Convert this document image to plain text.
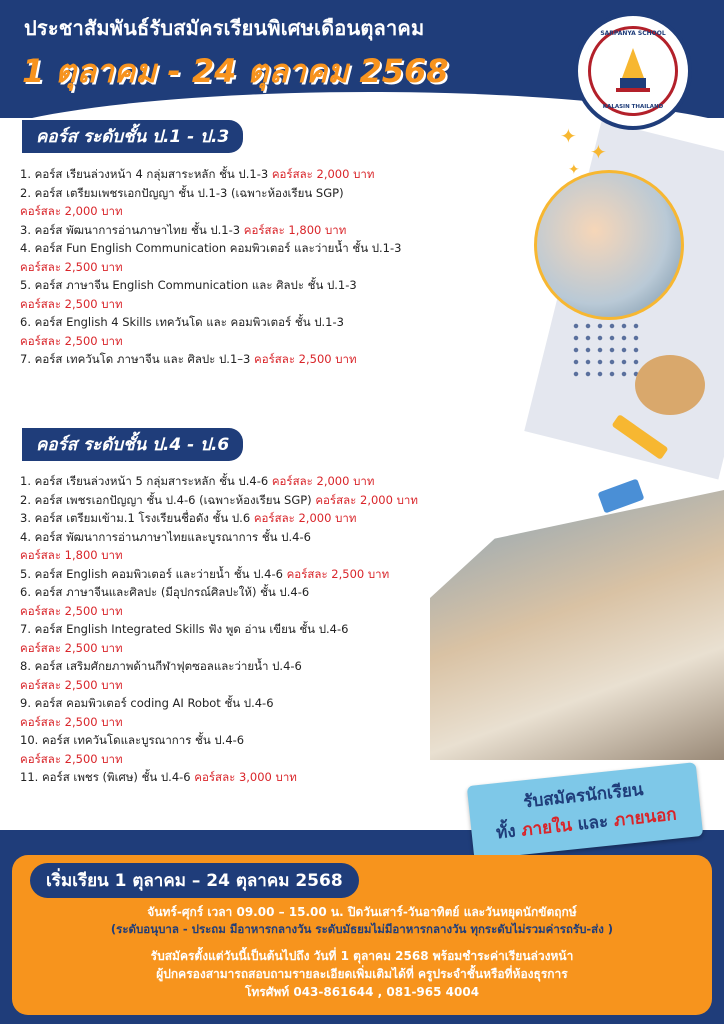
ประชาสัมพันธ์รับสมัครเรียนพิเศษเดือนตุลาคม
1 ตุลาคม - 24 ตุลาคม 2568
SARPANYA SCHOOL
KALASIN THAILAND
✦
✦
✦
คอร์ส ระดับชั้น ป.1 - ป.3

1. คอร์ส เรียนล่วงหน้า 4 กลุ่มสาระหลัก ชั้น ป.1-3 คอร์สละ 2,000 บาท

2. คอร์ส เตรียมเพชรเอกปัญญา ชั้น ป.1-3 (เฉพาะห้องเรียน SGP)
คอร์สละ 2,000 บาท

3. คอร์ส พัฒนาการอ่านภาษาไทย ชั้น ป.1-3 คอร์สละ 1,800 บาท

4. คอร์ส Fun English Communication คอมพิวเตอร์ และว่ายน้ำ ชั้น ป.1-3
คอร์สละ 2,500 บาท

5. คอร์ส ภาษาจีน English Communication และ ศิลปะ ชั้น ป.1-3
คอร์สละ 2,500 บาท

6. คอร์ส English 4 Skills เทควันโด และ คอมพิวเตอร์ ชั้น ป.1-3
คอร์สละ 2,500 บาท

7. คอร์ส เทควันโด ภาษาจีน และ ศิลปะ ป.1–3 คอร์สละ 2,500 บาท

คอร์ส ระดับชั้น ป.4 - ป.6

1. คอร์ส เรียนล่วงหน้า 5 กลุ่มสาระหลัก ชั้น ป.4-6 คอร์สละ 2,000 บาท

2. คอร์ส เพชรเอกปัญญา ชั้น ป.4-6 (เฉพาะห้องเรียน SGP) คอร์สละ 2,000 บาท

3. คอร์ส เตรียมเข้าม.1 โรงเรียนชื่อดัง ชั้น ป.6 คอร์สละ 2,000 บาท

4. คอร์ส พัฒนาการอ่านภาษาไทยและบูรณาการ ชั้น ป.4-6
คอร์สละ 1,800 บาท

5. คอร์ส English คอมพิวเตอร์ และว่ายน้ำ ชั้น ป.4-6 คอร์สละ 2,500 บาท

6. คอร์ส ภาษาจีนและศิลปะ (มีอุปกรณ์ศิลปะให้) ชั้น ป.4-6
คอร์สละ 2,500 บาท

7. คอร์ส English Integrated Skills ฟัง พูด อ่าน เขียน ชั้น ป.4-6
คอร์สละ 2,500 บาท

8. คอร์ส เสริมศักยภาพด้านกีฬาฟุตซอลและว่ายน้ำ ป.4-6
คอร์สละ 2,500 บาท

9. คอร์ส คอมพิวเตอร์ coding AI Robot ชั้น ป.4-6
คอร์สละ 2,500 บาท

10. คอร์ส เทควันโดและบูรณาการ ชั้น ป.4-6
คอร์สละ 2,500 บาท

11. คอร์ส เพชร (พิเศษ) ชั้น ป.4-6 คอร์สละ 3,000 บาท

รับสมัครนักเรียน
ทั้ง ภายใน และ ภายนอก
เริ่มเรียน 1 ตุลาคม – 24 ตุลาคม 2568
จันทร์-ศุกร์ เวลา 09.00 – 15.00 น. ปิดวันเสาร์-วันอาทิตย์ และวันหยุดนักขัตฤกษ์
(ระดับอนุบาล - ประถม มีอาหารกลางวัน ระดับมัธยมไม่มีอาหารกลางวัน ทุกระดับไม่รวมค่ารถรับ-ส่ง )
รับสมัครตั้งแต่วันนี้เป็นต้นไปถึง วันที่ 1 ตุลาคม 2568 พร้อมชำระค่าเรียนล่วงหน้า
ผู้ปกครองสามารถสอบถามรายละเอียดเพิ่มเติมได้ที่ ครูประจำชั้นหรือที่ห้องธุรการ
โทรศัพท์ 043-861644 , 081-965 4004
